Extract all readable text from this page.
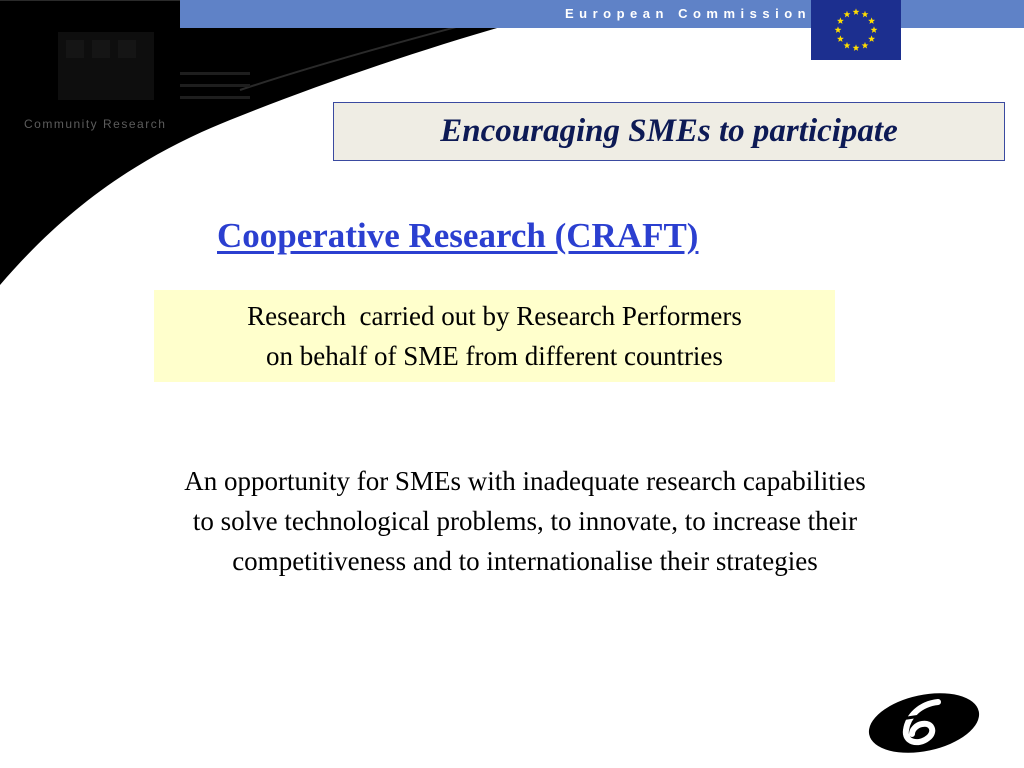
Community Research
European Commission
Encouraging SMEs to participate
Cooperative Research (CRAFT)
Research  carried out by Research Performers
on behalf of SME from different countries
An opportunity for SMEs with inadequate research capabilities
to solve technological problems, to innovate, to increase their
competitiveness and to internationalise their strategies
